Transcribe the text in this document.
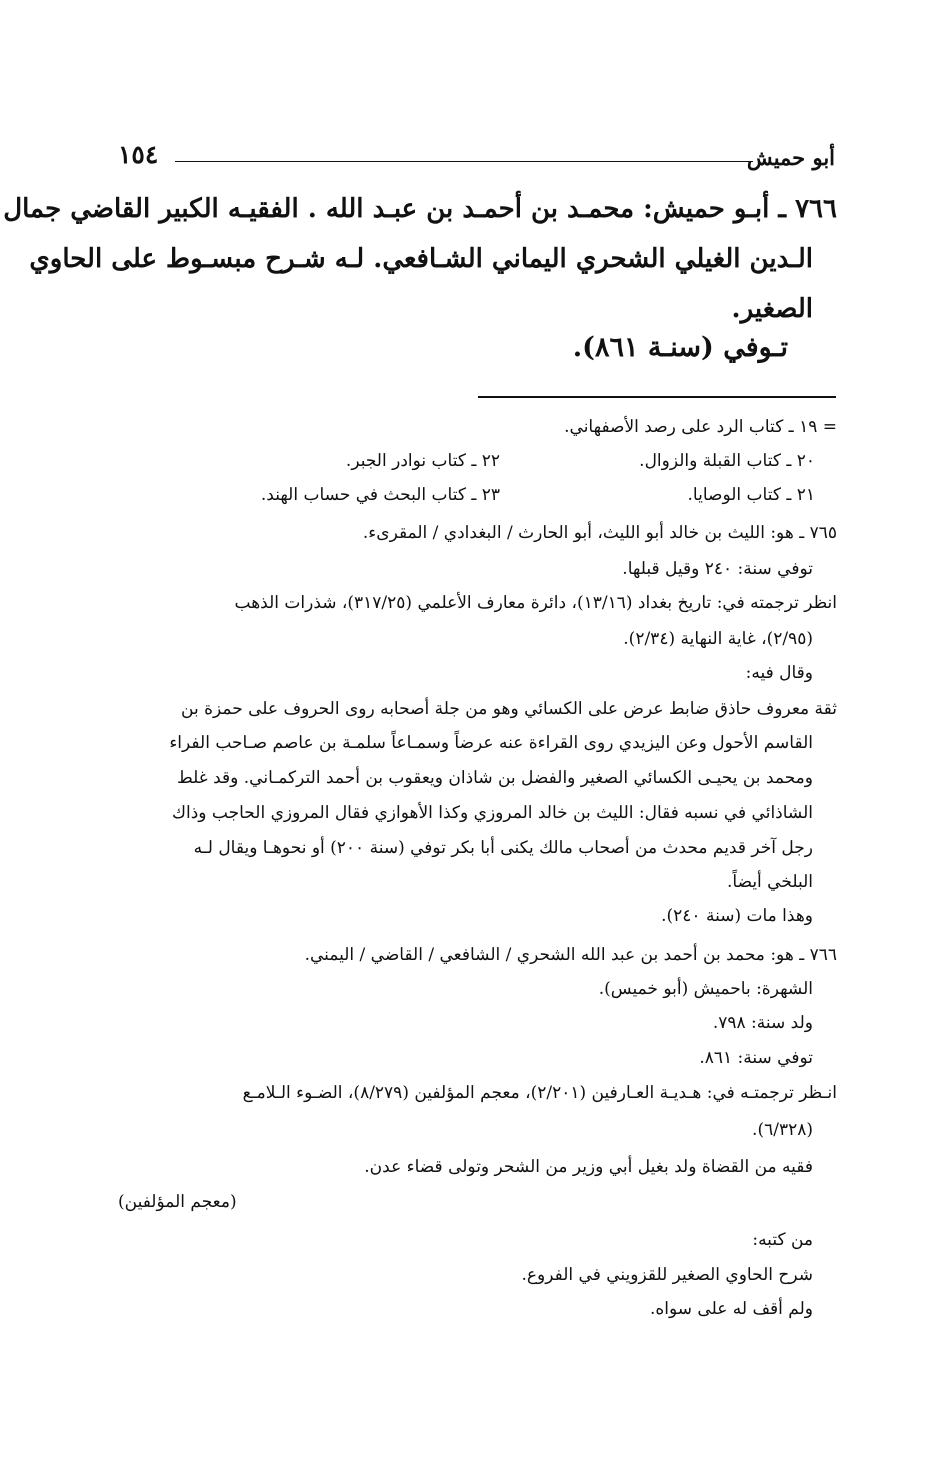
أبو حميش
١٥٤
٧٦٦ ـ أبـو حميش: محمـد بن أحمـد بن عبـد الله . الفقيـه الكبير القاضي جمال
الـدين الغيلي الشحري اليماني الشـافعي. لـه شـرح مبسـوط على الحاوي
الصغير.
تـوفي (سنـة ٨٦١).
= ١٩ ـ كتاب الرد على رصد الأصفهاني.
٢٠ ـ كتاب القبلة والزوال.
٢٢ ـ كتاب نوادر الجبر.
٢١ ـ كتاب الوصايا.
٢٣ ـ كتاب البحث في حساب الهند.
٧٦٥ ـ هو: الليث بن خالد أبو الليث، أبو الحارث / البغدادي / المقرىء.
توفي سنة: ٢٤٠ وقيل قبلها.
انظر ترجمته في: تاريخ بغداد (١٣/١٦)، دائرة معارف الأعلمي (٣١٧/٢٥)، شذرات الذهب
(٢/٩٥)، غاية النهاية (٢/٣٤).
وقال فيه:
ثقة معروف حاذق ضابط عرض على الكسائي وهو من جلة أصحابه روى الحروف على حمزة بن
القاسم الأحول وعن اليزيدي روى القراءة عنه عرضاً وسمـاعاً سلمـة بن عاصم صـاحب الفراء
ومحمد بن يحيـى الكسائي الصغير والفضل بن شاذان ويعقوب بن أحمد التركمـاني. وقد غلط
الشاذائي في نسبه فقال: الليث بن خالد المروزي وكذا الأهوازي فقال المروزي الحاجب وذاك
رجل آخر قديم محدث من أصحاب مالك يكنى أبا بكر توفي (سنة ٢٠٠) أو نحوهـا ويقال لـه
البلخي أيضاً.
وهذا مات (سنة ٢٤٠).
٧٦٦ ـ هو: محمد بن أحمد بن عبد الله الشحري / الشافعي / القاضي / اليمني.
الشهرة: باحميش (أبو خميس).
ولد سنة: ٧٩٨.
توفي سنة: ٨٦١.
انـظر ترجمتـه في: هـديـة العـارفين (٢/٢٠١)، معجم المؤلفين (٨/٢٧٩)، الضـوء الـلامـع
(٦/٣٢٨).
فقيه من القضاة ولد بغيل أبي وزير من الشحر وتولى قضاء عدن.
(معجم المؤلفين)
من كتبه:
شرح الحاوي الصغير للقزويني في الفروع.
ولم أقف له على سواه.
